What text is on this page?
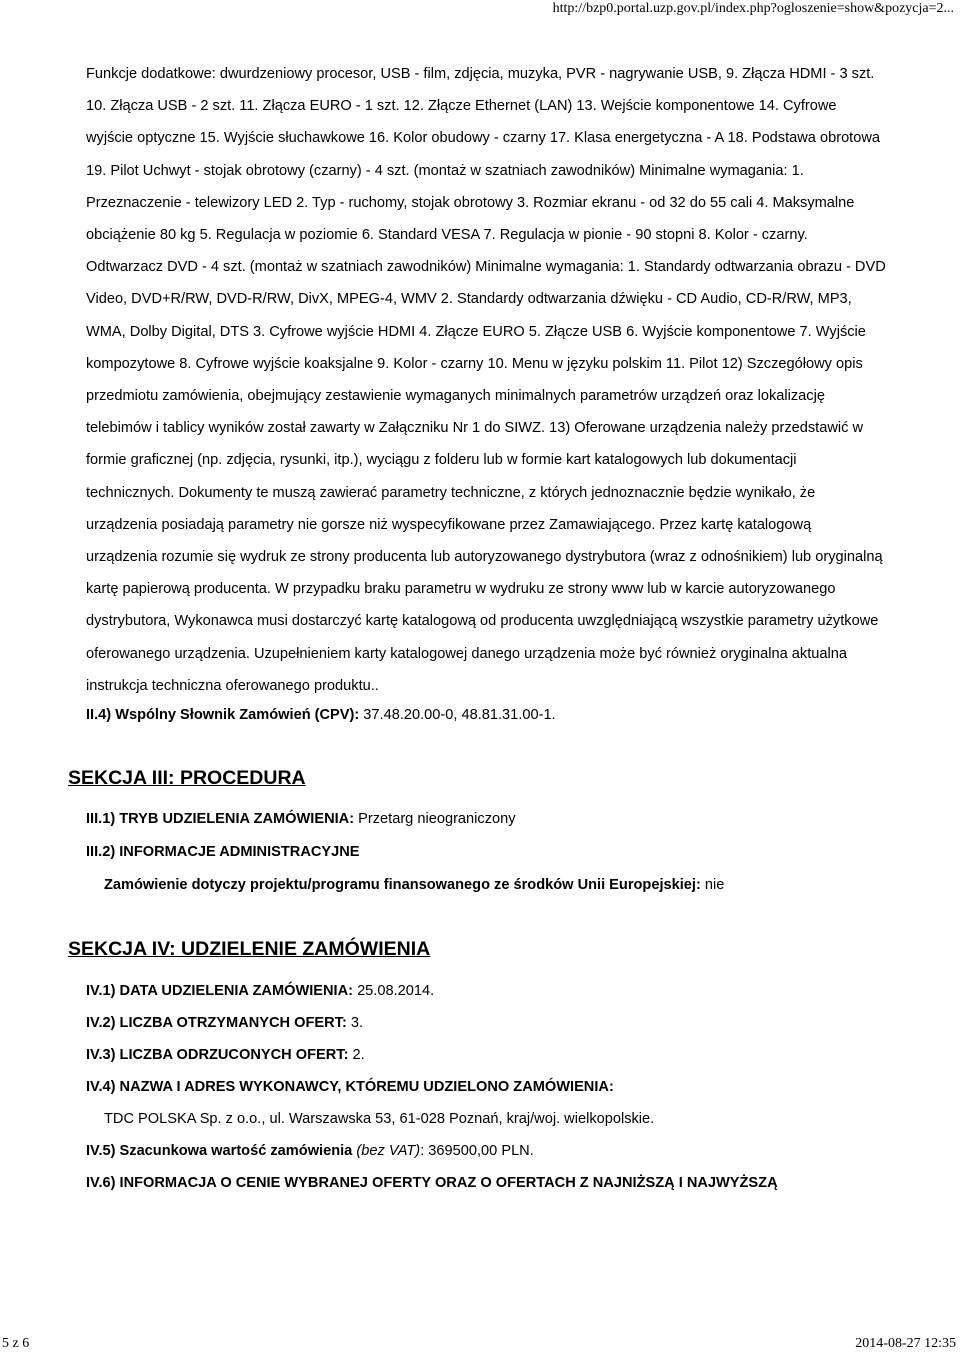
http://bzp0.portal.uzp.gov.pl/index.php?ogloszenie=show&pozycja=2...

Funkcje dodatkowe: dwurdzeniowy procesor, USB - film, zdjęcia, muzyka, PVR - nagrywanie USB, 9. Złącza HDMI - 3 szt. 10. Złącza USB - 2 szt. 11. Złącza EURO - 1 szt. 12. Złącze Ethernet (LAN) 13. Wejście komponentowe 14. Cyfrowe wyjście optyczne 15. Wyjście słuchawkowe 16. Kolor obudowy - czarny 17. Klasa energetyczna - A 18. Podstawa obrotowa 19. Pilot Uchwyt - stojak obrotowy (czarny) - 4 szt. (montaż w szatniach zawodników) Minimalne wymagania: 1. Przeznaczenie - telewizory LED 2. Typ - ruchomy, stojak obrotowy 3. Rozmiar ekranu - od 32 do 55 cali 4. Maksymalne obciążenie 80 kg 5. Regulacja w poziomie 6. Standard VESA 7. Regulacja w pionie - 90 stopni 8. Kolor - czarny. Odtwarzacz DVD - 4 szt. (montaż w szatniach zawodników) Minimalne wymagania: 1. Standardy odtwarzania obrazu - DVD Video, DVD+R/RW, DVD-R/RW, DivX, MPEG-4, WMV 2. Standardy odtwarzania dźwięku - CD Audio, CD-R/RW, MP3, WMA, Dolby Digital, DTS 3. Cyfrowe wyjście HDMI 4. Złącze EURO 5. Złącze USB 6. Wyjście komponentowe 7. Wyjście kompozytowe 8. Cyfrowe wyjście koaksjalne 9. Kolor - czarny 10. Menu w języku polskim 11. Pilot 12) Szczegółowy opis przedmiotu zamówienia, obejmujący zestawienie wymaganych minimalnych parametrów urządzeń oraz lokalizację telebimów i tablicy wyników został zawarty w Załączniku Nr 1 do SIWZ. 13) Oferowane urządzenia należy przedstawić w formie graficznej (np. zdjęcia, rysunki, itp.), wyciągu z folderu lub w formie kart katalogowych lub dokumentacji technicznych. Dokumenty te muszą zawierać parametry techniczne, z których jednoznacznie będzie wynikało, że urządzenia posiadają parametry nie gorsze niż wyspecyfikowane przez Zamawiającego. Przez kartę katalogową urządzenia rozumie się wydruk ze strony producenta lub autoryzowanego dystrybutora (wraz z odnośnikiem) lub oryginalną kartę papierową producenta. W przypadku braku parametru w wydruku ze strony www lub w karcie autoryzowanego dystrybutora, Wykonawca musi dostarczyć kartę katalogową od producenta uwzględniającą wszystkie parametry użytkowe oferowanego urządzenia. Uzupełnieniem karty katalogowej danego urządzenia może być również oryginalna aktualna instrukcja techniczna oferowanego produktu..

II.4) Wspólny Słownik Zamówień (CPV): 37.48.20.00-0, 48.81.31.00-1.

SEKCJA III: PROCEDURA

III.1) TRYB UDZIELENIA ZAMÓWIENIA: Przetarg nieograniczony

III.2) INFORMACJE ADMINISTRACYJNE

Zamówienie dotyczy projektu/programu finansowanego ze środków Unii Europejskiej: nie

SEKCJA IV: UDZIELENIE ZAMÓWIENIA

IV.1) DATA UDZIELENIA ZAMÓWIENIA: 25.08.2014.

IV.2) LICZBA OTRZYMANYCH OFERT: 3.

IV.3) LICZBA ODRZUCONYCH OFERT: 2.

IV.4) NAZWA I ADRES WYKONAWCY, KTÓREMU UDZIELONO ZAMÓWIENIA:

TDC POLSKA Sp. z o.o., ul. Warszawska 53, 61-028 Poznań, kraj/woj. wielkopolskie.

IV.5) Szacunkowa wartość zamówienia (bez VAT): 369500,00 PLN.

IV.6) INFORMACJA O CENIE WYBRANEJ OFERTY ORAZ O OFERTACH Z NAJNIŻSZĄ I NAJWYŻSZĄ

5 z 6	2014-08-27 12:35
